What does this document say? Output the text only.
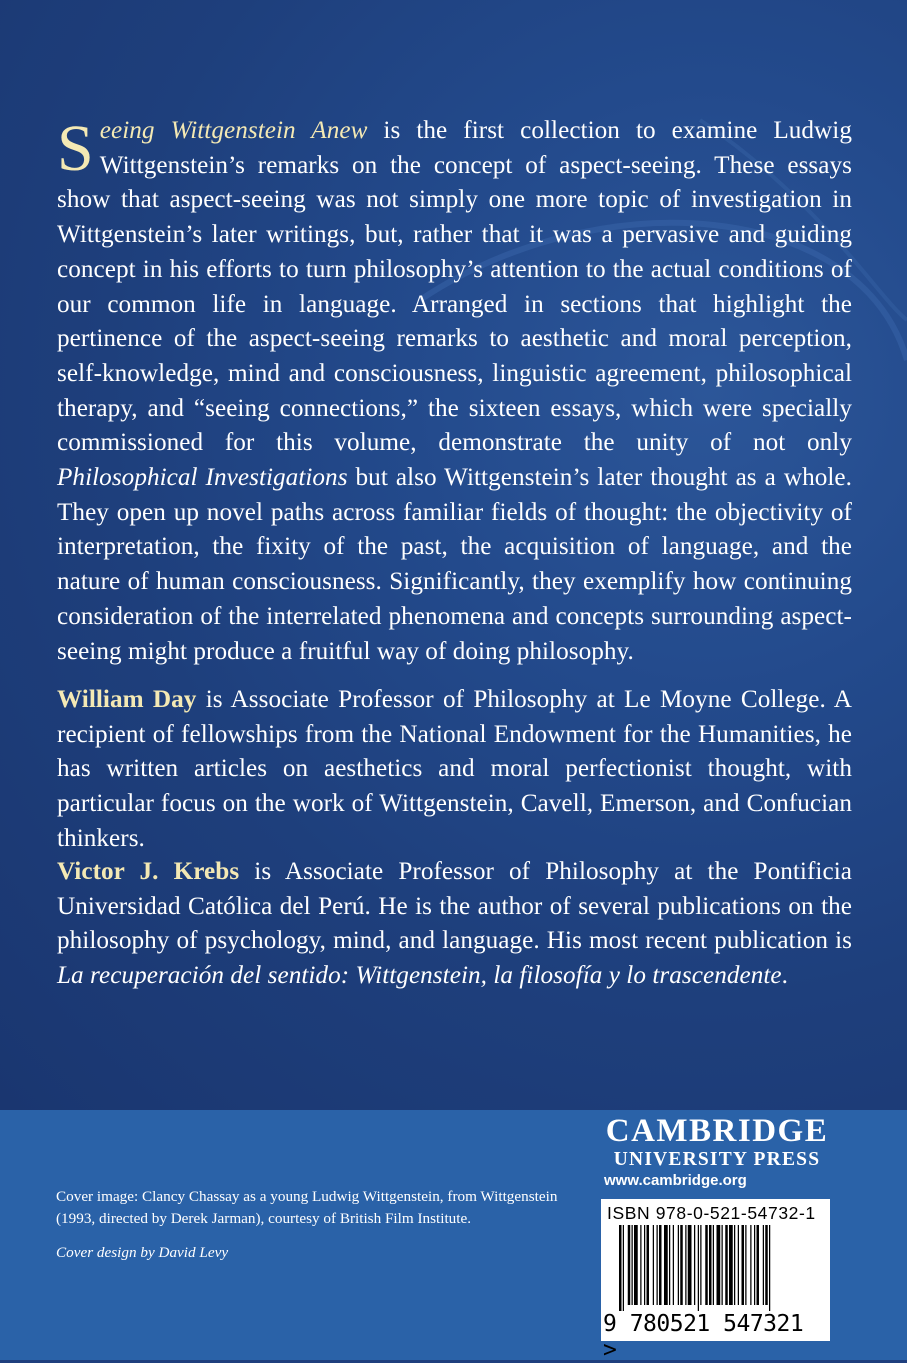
Seeing Wittgenstein Anew is the first collection to examine Ludwig Wittgenstein’s remarks on the concept of aspect-seeing. These essays show that aspect-seeing was not simply one more topic of investigation in Wittgenstein’s later writings, but, rather that it was a pervasive and guiding concept in his efforts to turn philosophy’s attention to the actual conditions of our common life in language. Arranged in sections that highlight the pertinence of the aspect-seeing remarks to aesthetic and moral perception, self-knowledge, mind and consciousness, linguistic agreement, philosophical therapy, and “seeing connections,” the sixteen essays, which were specially commissioned for this volume, demonstrate the unity of not only Philosophical Investigations but also Wittgenstein’s later thought as a whole. They open up novel paths across familiar fields of thought: the objectivity of interpretation, the fixity of the past, the acquisition of language, and the nature of human consciousness. Significantly, they exemplify how continuing consideration of the interrelated phenomena and concepts surrounding aspect-seeing might produce a fruitful way of doing philosophy.
William Day is Associate Professor of Philosophy at Le Moyne College. A recipient of fellowships from the National Endowment for the Humanities, he has written articles on aesthetics and moral perfectionist thought, with particular focus on the work of Wittgenstein, Cavell, Emerson, and Confucian thinkers.
Victor J. Krebs is Associate Professor of Philosophy at the Pontificia Universidad Católica del Perú. He is the author of several publications on the philosophy of psychology, mind, and language. His most recent publication is La recuperación del sentido: Wittgenstein, la filosofía y lo trascendente.
Cover image: Clancy Chassay as a young Ludwig Wittgenstein, from Wittgenstein (1993, directed by Derek Jarman), courtesy of British Film Institute.
Cover design by David Levy
CAMBRIDGE
UNIVERSITY PRESS
www.cambridge.org
ISBN 978-0-521-54732-1
9 780521 547321 >
